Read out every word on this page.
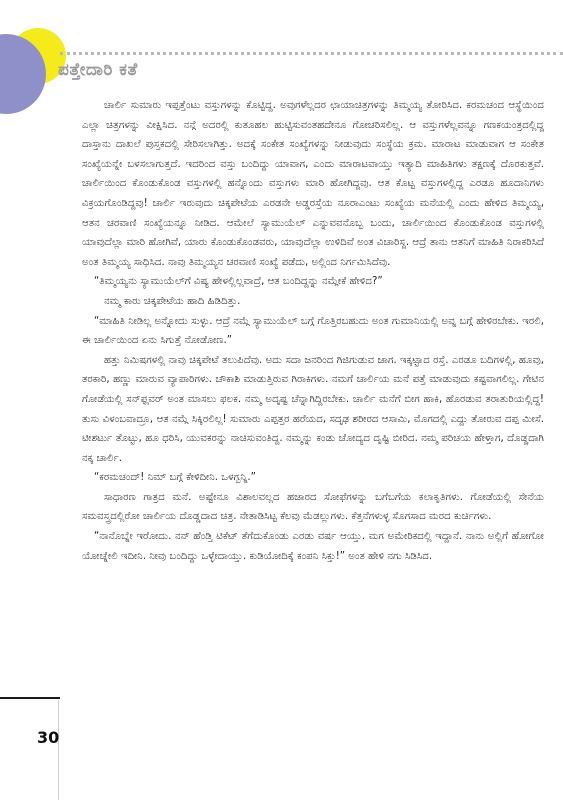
ಪತ್ತೇದಾರಿ ಕತೆ

ಚಾರ್ಲಿ ಸುಮಾರು ಇಪ್ಪತ್ತೆಂಟು ವಸ್ತುಗಳನ್ನು ಕೊಟ್ಟಿದ್ದ. ಅವುಗಳೆಲ್ಲದರ ಛಾಯಾಚಿತ್ರಗಳನ್ನು ತಿಮ್ಮಯ್ಯ ತೋರಿಸಿದ. ಕರಮಚಂದ ಆಸ್ಥೆಯಿಂದ ಎಲ್ಲಾ ಚಿತ್ರಗಳನ್ನು ವೀಕ್ಷಿಸಿದ. ನನ್ಗೆ ಅದರಲ್ಲಿ ಕುತೂಹಲ ಹುಟ್ಟಿಸುವಂತಹದೇನೂ ಗೋಚರಿಸಲಿಲ್ಲ. ಆ ವಸ್ತುಗಳೆಲ್ಲವನ್ನೂ ಗಣಕಯಂತ್ರದಲ್ಲಿದ್ದ ದಾಸ್ತಾನು ದಾಖಲೆ ಪುಸ್ತಕದಲ್ಲಿ ಸೇರಿಸಲಾಗಿತ್ತು. ಅದಕ್ಕೆ ಸಂಕೇತ ಸಂಖ್ಯೆಗಳನ್ನು ನೀಡುವುದು ಸಂಸ್ಥೆಯ ಕ್ರಮ. ಮಾರಾಟ ಮಾಡುವಾಗ ಆ ಸಂಕೇತ ಸಂಖ್ಯೆಯನ್ನೇ ಬಳಸಲಾಗುತ್ತದೆ. ಇದರಿಂದ ವಸ್ತು ಬಂದಿದ್ದು ಯಾವಾಗ, ಎಂದು ಮಾರಾಟವಾಯ್ತು ಇತ್ಯಾದಿ ಮಾಹಿತಿಗಳು ತಕ್ಷಣಕ್ಕೆ ದೊರಕುತ್ತವೆ. ಚಾರ್ಲಿಯಿಂದ ಕೊಂಡುಕೊಂಡ ವಸ್ತುಗಳಲ್ಲಿ ಹನ್ನೊಂದು ವಸ್ತುಗಳು ಮಾರಿ ಹೋಗಿದ್ದವು. ಆತ ಕೊಟ್ಟ ವಸ್ತುಗಳಲ್ಲಿದ್ದ ಎರಡೂ ಹೂದಾನಿಗಳು ವಿಕ್ರಯಗೊಂಡಿದ್ದವು! ಚಾರ್ಲಿ ಇರುವುದು ಚಿಕ್ಕಪೇಟೆಯ ಎರಡನೇ ಅಡ್ಡರಸ್ತೆಯ ನೂರಾಎಂಟು ಸಂಖ್ಯೆಯ ಮನೆಯಲ್ಲಿ ಎಂದು ಹೇಳಿದ ತಿಮ್ಮಯ್ಯ, ಆತನ ಚರವಾಣಿ ಸಂಖ್ಯೆಯನ್ನೂ ನೀಡಿದ. ಆಮೇಲೆ ಸ್ಯಾಮುಯೆಲ್ ಎನ್ನುವವನೊಬ್ಬ ಬಂದು, ಚಾರ್ಲಿಯಿಂದ ಕೊಂಡುಕೊಂಡ ವಸ್ತುಗಳಲ್ಲಿ ಯಾವುದೆಲ್ಲಾ ಮಾರಿ ಹೋಗಿವೆ, ಯಾರು ಕೊಂಡುಕೊಂಡವರು, ಯಾವುದೆಲ್ಲಾ ಉಳಿದಿವೆ ಅಂತ ವಿಚಾರಿಸ್ದ. ಆದ್ರೆ ತಾನು ಆತನಿಗೆ ಮಾಹಿತಿ ನಿರಾಕರಿಸಿದೆ ಅಂತ ತಿಮ್ಮಯ್ಯ ಸಾಧಿಸಿದ. ನಾವು ತಿಮ್ಮಯ್ಯನ ಚರವಾಣಿ ಸಂಖ್ಯೆ ಪಡೆದು, ಅಲ್ಲಿಂದ ನಿರ್ಗಮಿಸಿದೆವು.

“ತಿಮ್ಮಯ್ಯನು ಸ್ಯಾಮುಯೆಲ್‌ಗೆ ವಿಷ್ಯ ಹೇಳಲ್ಲಿಲ್ಲವಾದ್ರೆ, ಆತ ಬಂದಿದ್ದನ್ನು ನಮ್ಗೇಕೆ ಹೇಳಿದ?”

ನಮ್ಮ ಕಾರು ಚಿಕ್ಕಪೇಟೆಯ ಹಾದಿ ಹಿಡಿದಿತ್ತು.

“ಮಾಹಿತಿ ನೀಡಿಲ್ಲ ಅನ್ನೋದು ಸುಳ್ಳು. ಆದ್ರೆ ನಮ್ಗೆ ಸ್ಯಾಮುಯೆಲ್ ಬಗ್ಗೆ ಗೊತ್ತಿರಬಹುದು ಅಂತ ಗುಮಾನಿಯಲ್ಲಿ ಅವ್ನ ಬಗ್ಗೆ ಹೇಳಿರಬೇಕು. ಇರಲಿ, ಈ ಚಾರ್ಲಿಯಿಂದ ಏನು ಸಿಗುತ್ತೆ ನೋಡೋಣ.”

ಹತ್ತು ನಿಮಿಷಗಳಲ್ಲಿ ನಾವು ಚಿಕ್ಕಪೇಟೆ ತಲುಪಿದೆವು. ಅದು ಸದಾ ಜನರಿಂದ ಗಿಜಿಗುಡುವ ಜಾಗ. ಇಕ್ಕಟ್ಟಾದ ರಸ್ತೆ. ಎರಡೂ ಬದಿಗಳಲ್ಲಿ, ಹೂವು, ತರಕಾರಿ, ಹಣ್ಣು ಮಾರುವ ವ್ಯಾಪಾರಿಗಳು. ಚೌಕಾಶಿ ಮಾಡುತ್ತಿರುವ ಗಿರಾಕಿಗಳು. ನಮಗೆ ಚಾರ್ಲಿಯ ಮನೆ ಪತ್ತೆ ಮಾಡುವುದು ಕಷ್ಟವಾಗಲಿಲ್ಲ. ಗೇಟಿನ ಗೋಡೆಯಲ್ಲಿ ಸನ್‌ಫ್ಲವರ್ ಅಂತ ಮಾಸಲು ಫಲಕ. ನಮ್ಮ ಅದೃಷ್ಟ ಚೆನ್ನಾಗಿದ್ದಿರಬೇಕು. ಚಾರ್ಲಿ ಮನೆಗೆ ಬೀಗ ಹಾಕಿ, ಹೊರಡುವ ತರಾತುರಿಯಲ್ಲಿದ್ದ! ತುಸು ವಿಳಂಬವಾದ್ರೂ, ಆತ ನಮ್ಗೆ ಸಿಕ್ಕಿರಲಿಲ್ಲ! ಸುಮಾರು ಎಪ್ಪತ್ತರ ಹರೆಯದ, ಸದೃಢ ಶರೀರದ ಆಸಾಮಿ, ಮೊಗದಲ್ಲಿ ಎದ್ದು ತೋರುವ ದಪ್ಪ ಮೀಸೆ. ಟೀಶರ್ಟು ತೊಟ್ಟು, ಹೂ ಧರಿಸಿ, ಯುವಕರನ್ನು ನಾಚಿಸುವಂತಿದ್ದ. ನಮ್ಮನ್ನು ಕಂಡು ಚೋದ್ಯದ ದೃಷ್ಟಿ ಬೀರಿದ. ನಮ್ಮ ಪರಿಚಯ ಹೇಳ್ತಾಗ, ದೊಡ್ಡದಾಗಿ ನಕ್ಕ ಚಾರ್ಲಿ.

“ಕರಮಚಂದ್! ನಿಮ್ ಬಗ್ಗೆ ಕೇಳಿದೀನಿ. ಒಳಗ್ಬನ್ನಿ.”

ಸಾಧಾರಣ ಗಾತ್ರದ ಮನೆ. ಅಷ್ಟೇನೂ ವಿಶಾಲವಲ್ಲದ ಹಜಾರದ ಸೋಫೆಗಳನ್ನು ಬಗೆಬಗೆಯ ಕಲಾಕೃತಿಗಳು. ಗೋಡೆಯಲ್ಲಿ ಸೇನೆಯ ಸಮವಸ್ತ್ರದಲ್ಲಿರೋ ಚಾರ್ಲಿಯ ದೊಡ್ಡದಾದ ಚಿತ್ರ. ನೇತಾಡಿಸಿಟ್ಟ ಕೆಲವು ಮೆಡಲ್ಲುಗಳು. ಕೆತ್ತನೆಗಳುಳ್ಳ ಸೊಗಸಾದ ಮರದ ಕುರ್ಚಿಗಳು.

“ನಾನೊಬ್ನೇ ಇರೋದು. ನನ್ ಹೆಂಡ್ತಿ ಟಿಕೆಟ್ ತೆಗೆದುಕೊಂಡು ಎರಡು ವರ್ಷ ಆಯ್ತು. ಮಗ ಅಮೇರಿಕದಲ್ಲಿ ಇದ್ದಾನೆ. ನಾನು ಅಲ್ಲಿಗೆ ಹೋಗೋ ಯೋಚ್ನೇಲಿ ಇದೀನಿ. ನೀವು ಬಂದಿದ್ದು ಒಳ್ಳೇದಾಯ್ತು. ಕುಡಿಯೋದಿಕ್ಕೆ ಕಂಪನಿ ಸಿಕ್ತು!” ಅಂತ ಹೇಳಿ ನಗು ಸಿಡಿಸಿದ.

30
